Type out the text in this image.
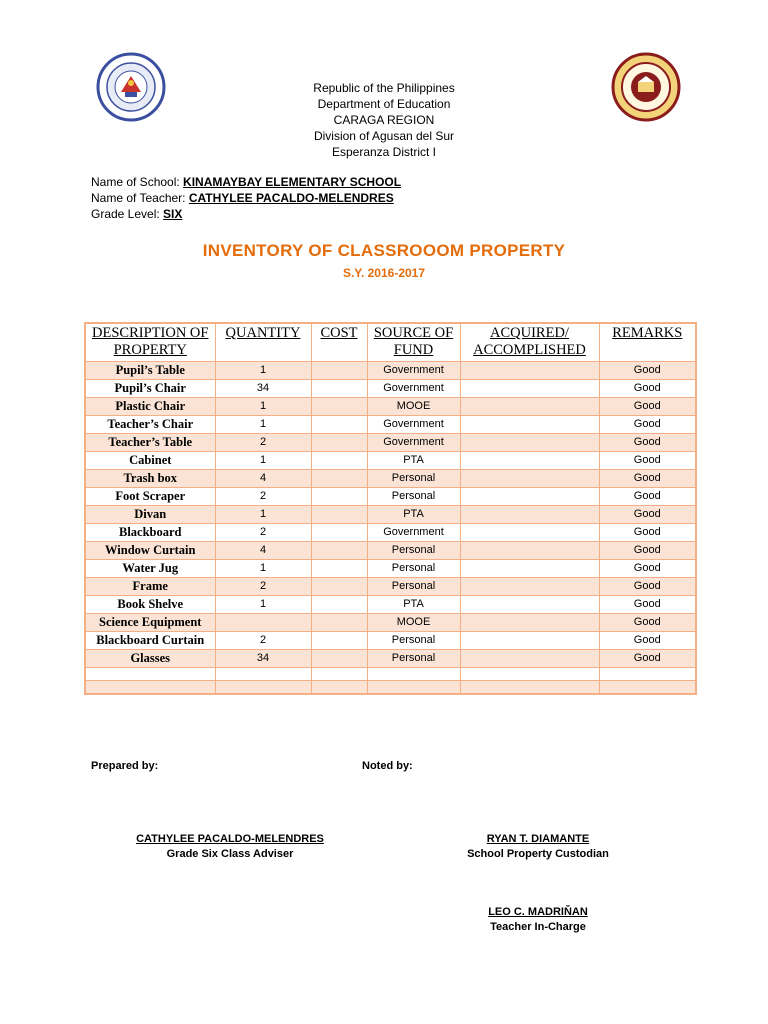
Republic of the Philippines
Department of Education
CARAGA REGION
Division of Agusan del Sur
Esperanza District I
Name of School: KINAMAYBAY ELEMENTARY SCHOOL
Name of Teacher: CATHYLEE PACALDO-MELENDRES
Grade Level: SIX
INVENTORY OF CLASSROOOM PROPERTY
S.Y. 2016-2017
DESCRIPTION OF PROPERTY	QUANTITY	COST	SOURCE OF FUND	ACQUIRED/ ACCOMPLISHED	REMARKS
Pupil’s Table	1		Government		Good
Pupil’s Chair	34		Government		Good
Plastic Chair	1		MOOE		Good
Teacher’s Chair	1		Government		Good
Teacher’s Table	2		Government		Good
Cabinet	1		PTA		Good
Trash box	4		Personal		Good
Foot Scraper	2		Personal		Good
Divan	1		PTA		Good
Blackboard	2		Government		Good
Window Curtain	4		Personal		Good
Water Jug	1		Personal		Good
Frame	2		Personal		Good
Book Shelve	1		PTA		Good
Science Equipment			MOOE		Good
Blackboard Curtain	2		Personal		Good
Glasses	34		Personal		Good

Prepared by:	Noted by:
CATHYLEE PACALDO-MELENDRES
Grade Six Class Adviser
RYAN T. DIAMANTE
School Property Custodian
LEO C. MADRIŇAN
Teacher In-Charge
